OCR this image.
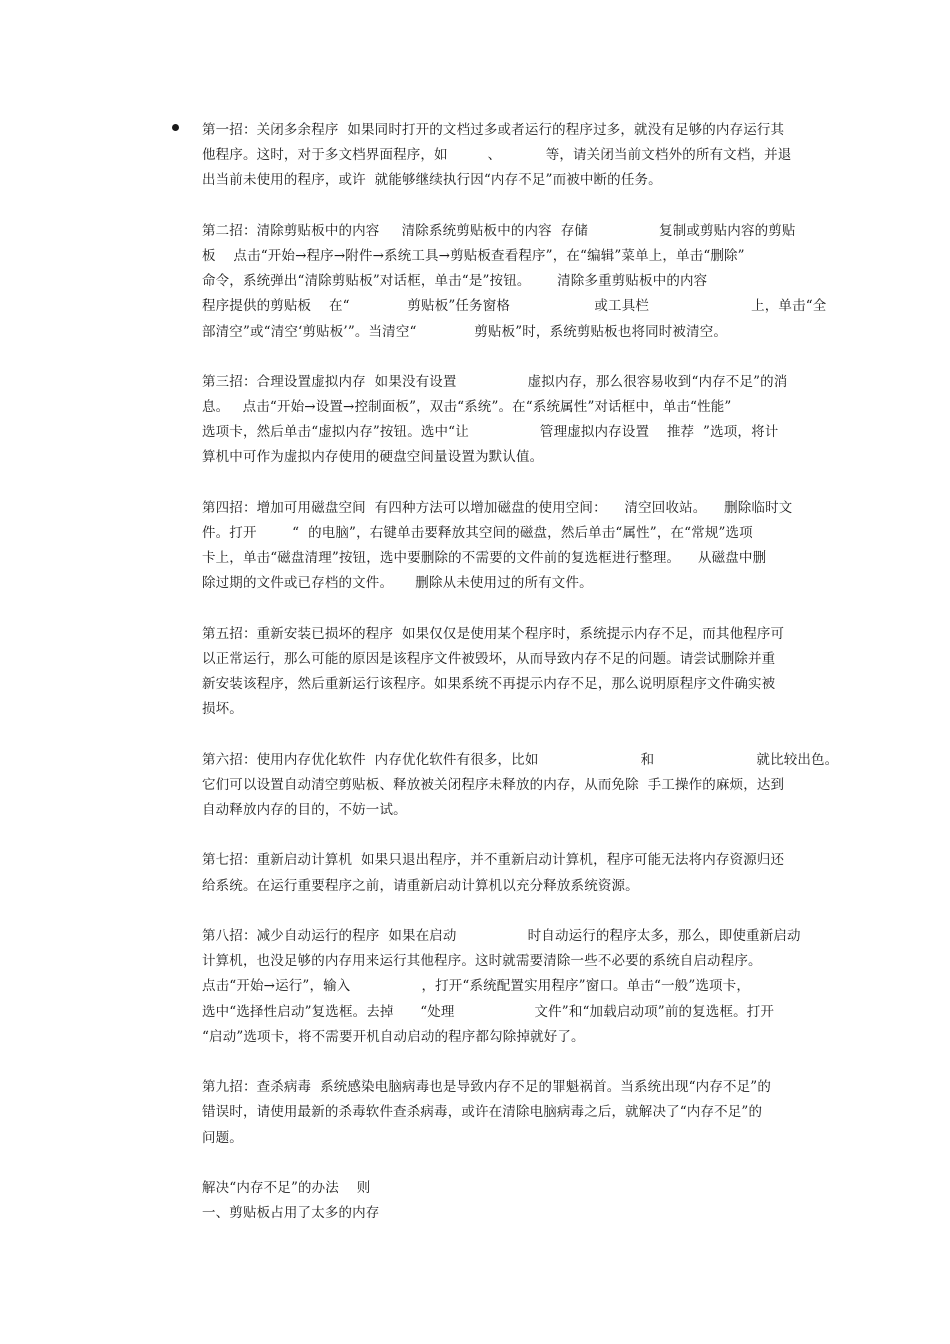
第一招：关闭多余程序  如果同时打开的文档过多或者运行的程序过多，就没有足够的内存运行其
他程序。这时，对于多文档界面程序，如         、          等，请关闭当前文档外的所有文档，并退
出当前未使用的程序，或许  就能够继续执行因“内存不足”而被中断的任务。
第二招：清除剪贴板中的内容     清除系统剪贴板中的内容  存储                复制或剪贴内容的剪贴
板    点击“开始→程序→附件→系统工具→剪贴板查看程序”，在“编辑”菜单上，单击“删除”
命令，系统弹出“清除剪贴板”对话框，单击“是”按钮。      清除多重剪贴板中的内容
程序提供的剪贴板    在“             剪贴板”任务窗格                   或工具栏                       上，单击“全
部清空”或“清空‘剪贴板’”。当清空“             剪贴板”时，系统剪贴板也将同时被清空。
第三招：合理设置虚拟内存  如果没有设置                虚拟内存，那么很容易收到“内存不足”的消
息。   点击“开始→设置→控制面板”，双击“系统”。在“系统属性”对话框中，单击“性能”
选项卡，然后单击“虚拟内存”按钮。选中“让                管理虚拟内存设置    推荐  ”选项，将计
算机中可作为虚拟内存使用的硬盘空间量设置为默认值。
第四招：增加可用磁盘空间  有四种方法可以增加磁盘的使用空间：    清空回收站。    删除临时文
件。打开        “  的电脑”，右键单击要释放其空间的磁盘，然后单击“属性”，在“常规”选项
卡上，单击“磁盘清理”按钮，选中要删除的不需要的文件前的复选框进行整理。    从磁盘中删
除过期的文件或已存档的文件。     删除从未使用过的所有文件。
第五招：重新安装已损坏的程序  如果仅仅是使用某个程序时，系统提示内存不足，而其他程序可
以正常运行，那么可能的原因是该程序文件被毁坏，从而导致内存不足的问题。请尝试删除并重
新安装该程序，然后重新运行该程序。如果系统不再提示内存不足，那么说明原程序文件确实被
损坏。
第六招：使用内存优化软件  内存优化软件有很多，比如                       和                       就比较出色。
它们可以设置自动清空剪贴板、释放被关闭程序未释放的内存，从而免除  手工操作的麻烦，达到
自动释放内存的目的，不妨一试。
第七招：重新启动计算机  如果只退出程序，并不重新启动计算机，程序可能无法将内存资源归还
给系统。在运行重要程序之前，请重新启动计算机以充分释放系统资源。
第八招：减少自动运行的程序  如果在启动                时自动运行的程序太多，那么，即使重新启动
计算机，也没足够的内存用来运行其他程序。这时就需要清除一些不必要的系统自启动程序。
点击“开始→运行”，输入                ，打开“系统配置实用程序”窗口。单击“一般”选项卡，
选中“选择性启动”复选框。去掉      “处理                  文件”和“加载启动项”前的复选框。打开
“启动”选项卡，将不需要开机自动启动的程序都勾除掉就好了。
第九招：查杀病毒  系统感染电脑病毒也是导致内存不足的罪魁祸首。当系统出现“内存不足”的
错误时，请使用最新的杀毒软件查杀病毒，或许在清除电脑病毒之后，就解决了“内存不足”的
问题。
解决“内存不足”的办法    则
一、剪贴板占用了太多的内存
